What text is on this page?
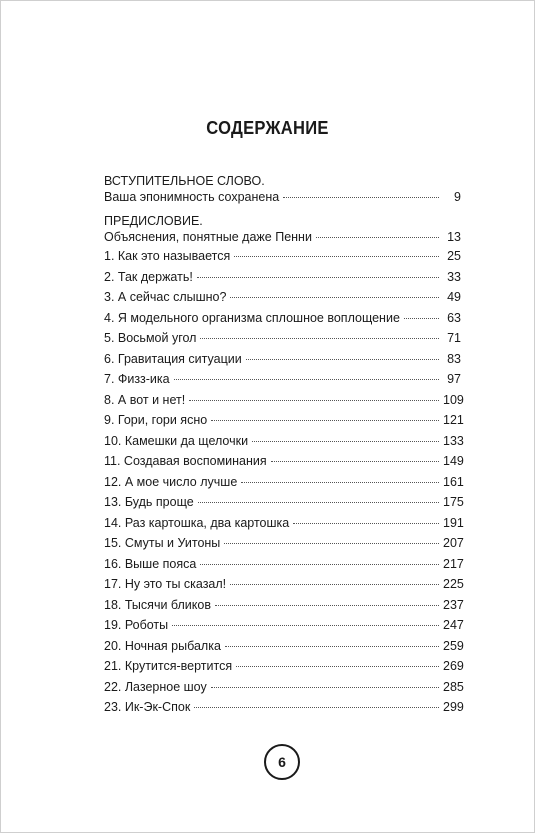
СОДЕРЖАНИЕ
ВСТУПИТЕЛЬНОЕ СЛОВО.
Ваша эпонимность сохранена	9
ПРЕДИСЛОВИЕ.
Объяснения, понятные даже Пенни	13
1. Как это называется	25
2. Так держать!	33
3. А сейчас слышно?	49
4. Я модельного организма сплошное воплощение	63
5. Восьмой угол	71
6. Гравитация ситуации	83
7. Физз-ика	97
8. А вот и нет!	109
9. Гори, гори ясно	121
10. Камешки да щелочки	133
11. Создавая воспоминания	149
12. А мое число лучше	161
13. Будь проще	175
14. Раз картошка, два картошка	191
15. Смуты и Уитоны	207
16. Выше пояса	217
17. Ну это ты сказал!	225
18. Тысячи бликов	237
19. Роботы	247
20. Ночная рыбалка	259
21. Крутится-вертится	269
22. Лазерное шоу	285
23. Ик-Эк-Спок	299
6
